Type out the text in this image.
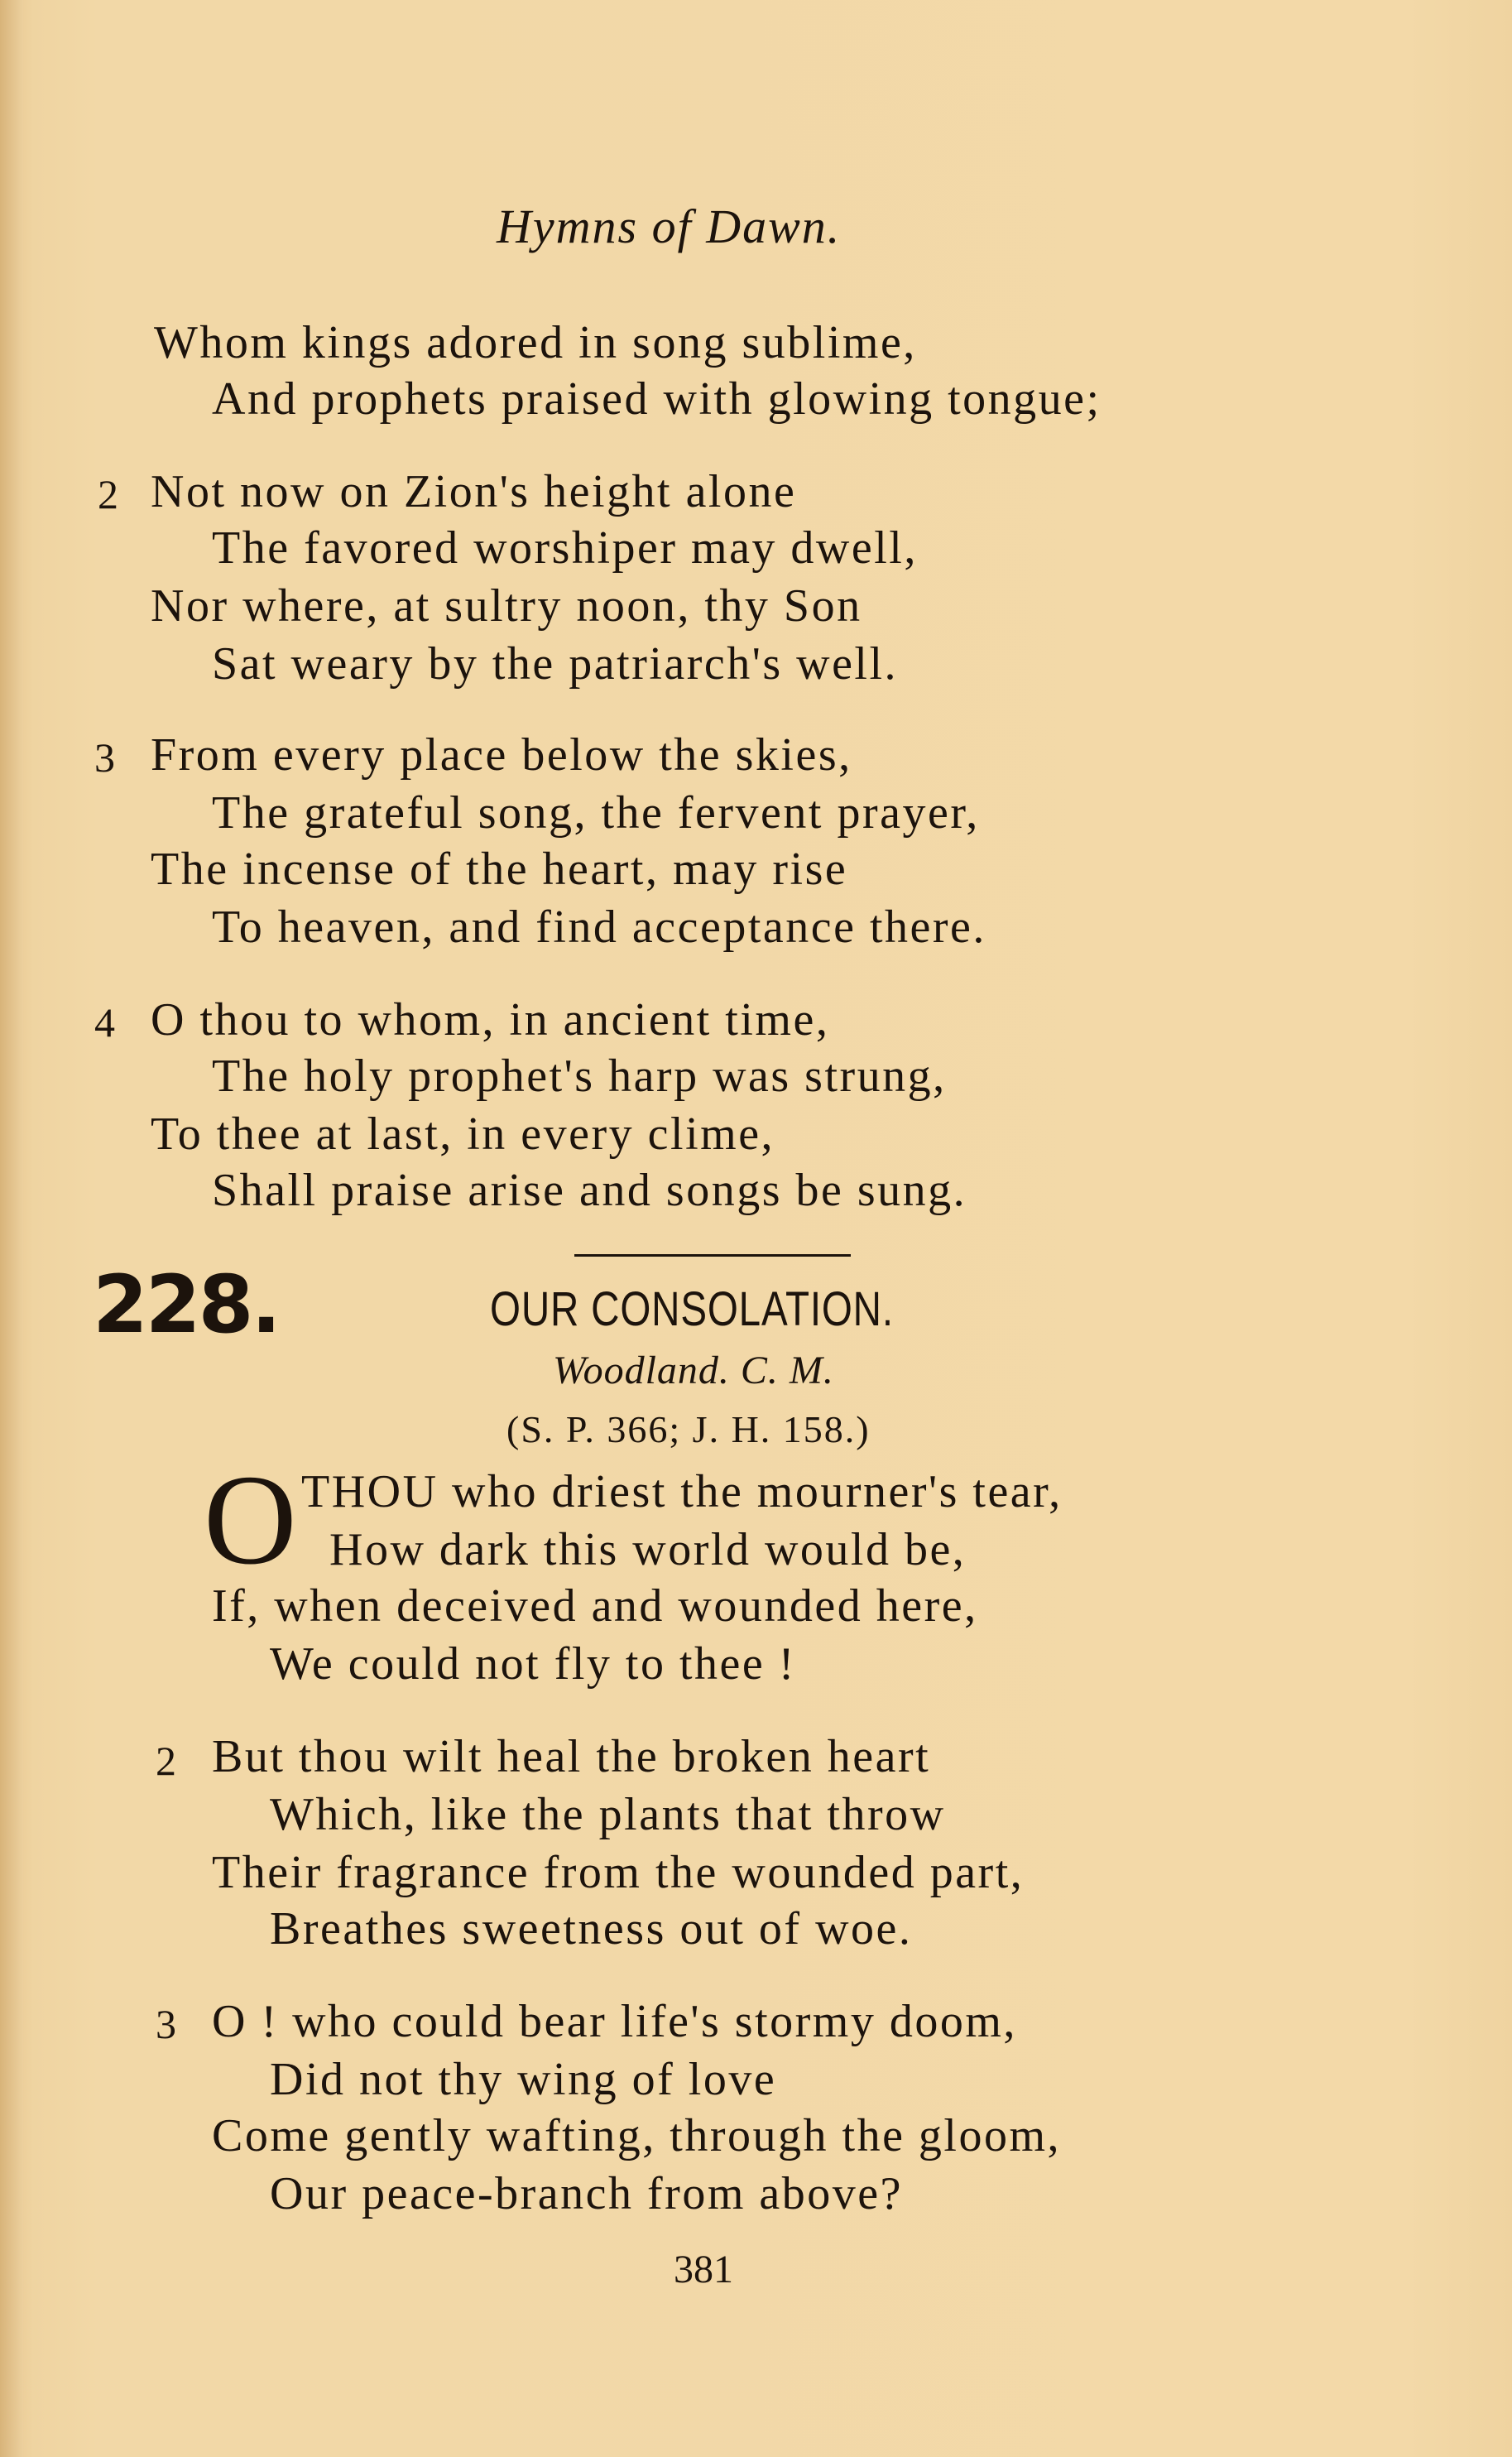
Hymns of Dawn.
Whom kings adored in song sublime,
And prophets praised with glowing tongue;
2 Not now on Zion's height alone
The favored worshiper may dwell,
Nor where, at sultry noon, thy Son
Sat weary by the patriarch's well.
3 From every place below the skies,
The grateful song, the fervent prayer,
The incense of the heart, may rise
To heaven, and find acceptance there.
4 O thou to whom, in ancient time,
The holy prophet's harp was strung,
To thee at last, in every clime,
Shall praise arise and songs be sung.
228.	OUR CONSOLATION.
Woodland. C. M.
(S. P. 366; J. H. 158.)
O THOU who driest the mourner's tear,
How dark this world would be,
If, when deceived and wounded here,
We could not fly to thee !
2 But thou wilt heal the broken heart
Which, like the plants that throw
Their fragrance from the wounded part,
Breathes sweetness out of woe.
3 O ! who could bear life's stormy doom,
Did not thy wing of love
Come gently wafting, through the gloom,
Our peace-branch from above?
381
